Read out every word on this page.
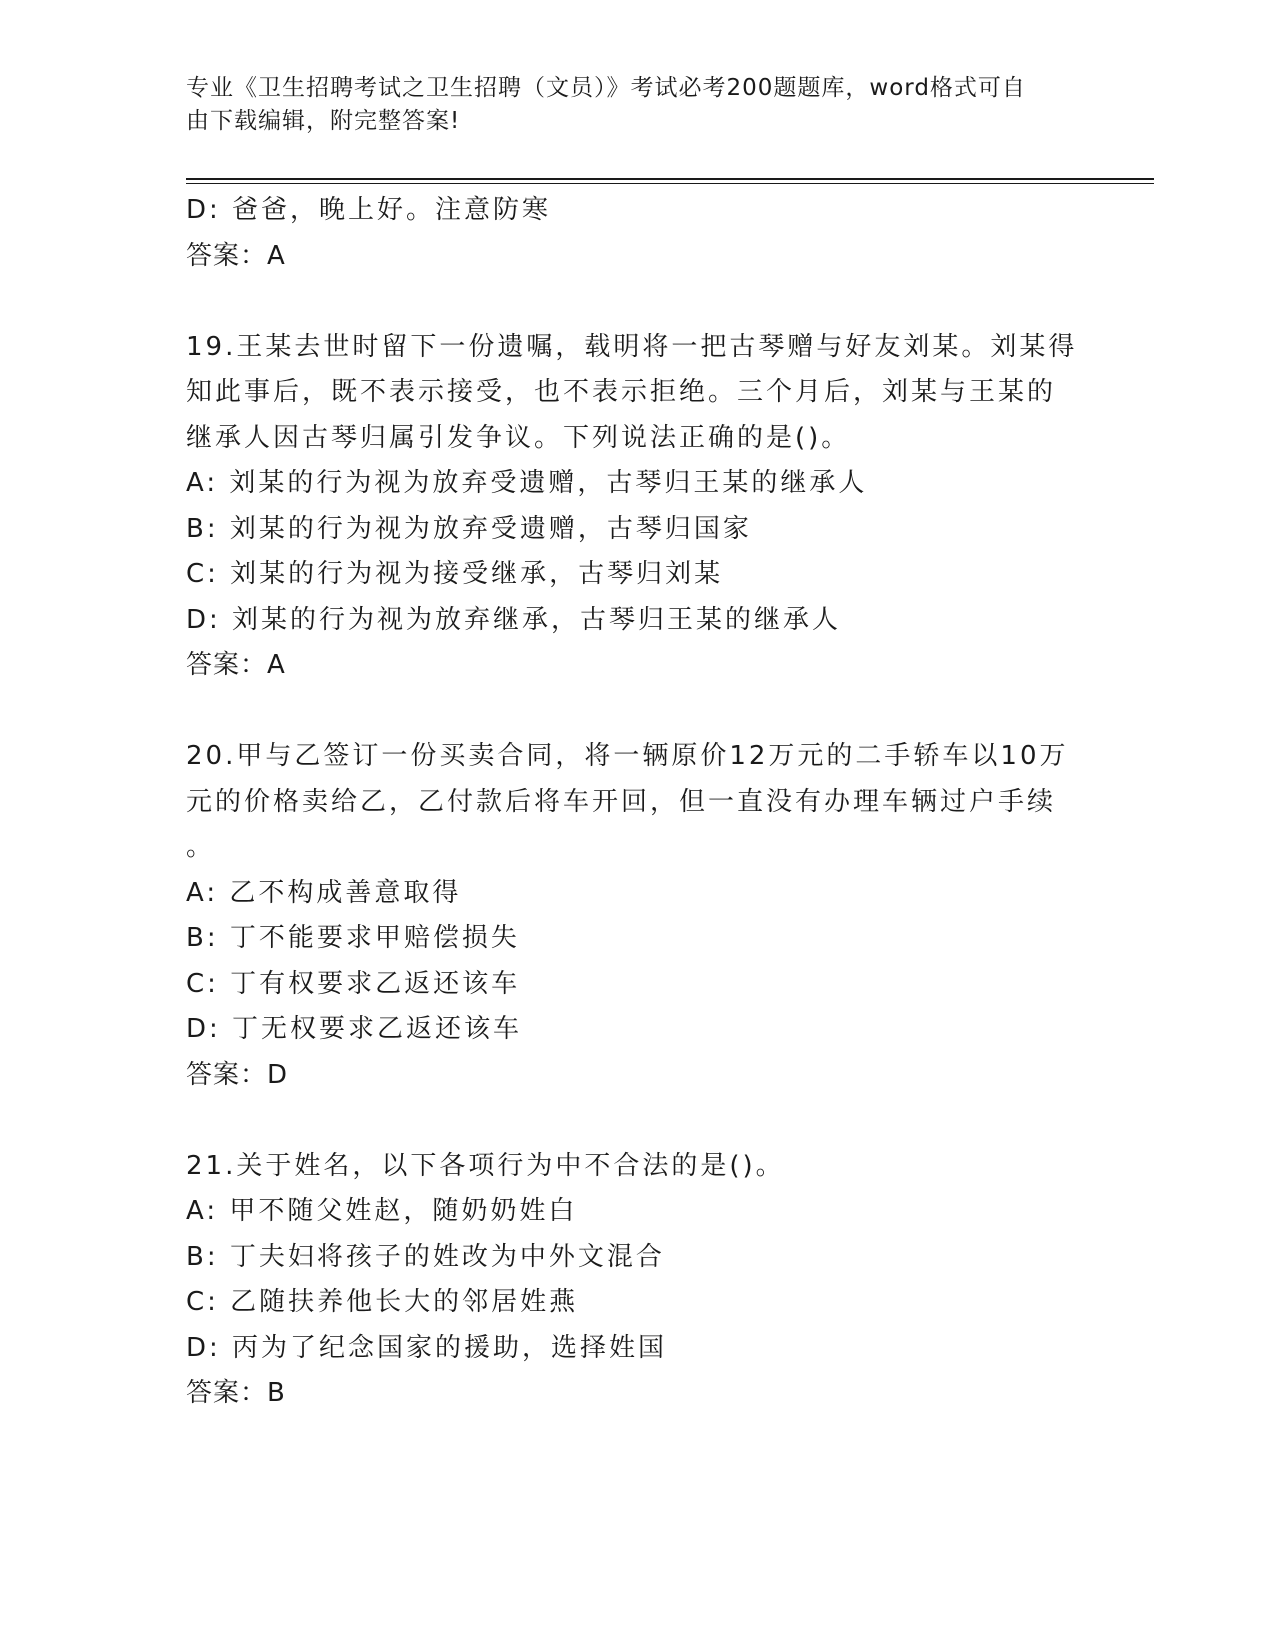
专业《卫生招聘考试之卫生招聘（文员）》考试必考200题题库，word格式可自
由下载编辑，附完整答案!
D: 爸爸，晚上好。注意防寒
答案：A
19.王某去世时留下一份遗嘱，载明将一把古琴赠与好友刘某。刘某得
知此事后，既不表示接受，也不表示拒绝。三个月后，刘某与王某的
继承人因古琴归属引发争议。下列说法正确的是()。
A: 刘某的行为视为放弃受遗赠，古琴归王某的继承人
B: 刘某的行为视为放弃受遗赠，古琴归国家
C: 刘某的行为视为接受继承，古琴归刘某
D: 刘某的行为视为放弃继承，古琴归王某的继承人
答案：A
20.甲与乙签订一份买卖合同，将一辆原价12万元的二手轿车以10万
元的价格卖给乙，乙付款后将车开回，但一直没有办理车辆过户手续
。
A: 乙不构成善意取得
B: 丁不能要求甲赔偿损失
C: 丁有权要求乙返还该车
D: 丁无权要求乙返还该车
答案：D
21.关于姓名，以下各项行为中不合法的是()。
A: 甲不随父姓赵，随奶奶姓白
B: 丁夫妇将孩子的姓改为中外文混合
C: 乙随扶养他长大的邻居姓燕
D: 丙为了纪念国家的援助，选择姓国
答案：B
